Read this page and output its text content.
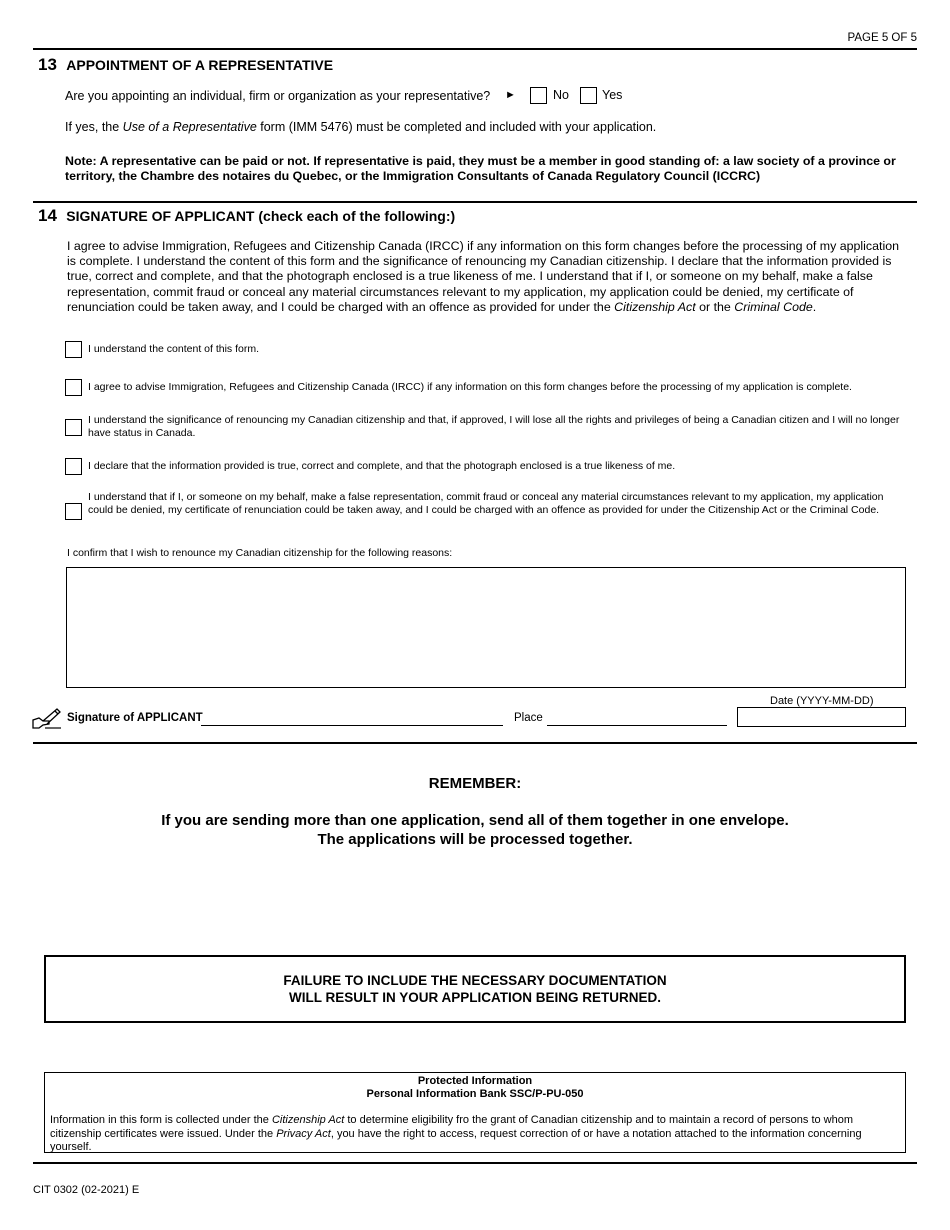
PAGE 5 OF 5
13 APPOINTMENT OF A REPRESENTATIVE
Are you appointing an individual, firm or organization as your representative? ►	No	Yes
If yes, the Use of a Representative form (IMM 5476) must be completed and included with your application.
Note: A representative can be paid or not. If representative is paid, they must be a member in good standing of: a law society of a province or territory, the Chambre des notaires du Quebec, or the Immigration Consultants of Canada Regulatory Council (ICCRC)
14 SIGNATURE OF APPLICANT (check each of the following:)
I agree to advise Immigration, Refugees and Citizenship Canada (IRCC) if any information on this form changes before the processing of my application is complete. I understand the content of this form and the significance of renouncing my Canadian citizenship. I declare that the information provided is true, correct and complete, and that the photograph enclosed is a true likeness of me. I understand that if I, or someone on my behalf, make a false representation, commit fraud or conceal any material circumstances relevant to my application, my application could be denied, my certificate of renunciation could be taken away, and I could be charged with an offence as provided for under the Citizenship Act or the Criminal Code.
I understand the content of this form.
I agree to advise Immigration, Refugees and Citizenship Canada (IRCC) if any information on this form changes before the processing of my application is complete.
I understand the significance of renouncing my Canadian citizenship and that, if approved, I will lose all the rights and privileges of being a Canadian citizen and I will no longer have status in Canada.
I declare that the information provided is true, correct and complete, and that the photograph enclosed is a true likeness of me.
I understand that if I, or someone on my behalf, make a false representation, commit fraud or conceal any material circumstances relevant to my application, my application could be denied, my certificate of renunciation could be taken away, and I could be charged with an offence as provided for under the Citizenship Act or the Criminal Code.
I confirm that I wish to renounce my Canadian citizenship for the following reasons:
Date (YYYY-MM-DD)
Signature of APPLICANT	Place
REMEMBER:
If you are sending more than one application, send all of them together in one envelope.
The applications will be processed together.
FAILURE TO INCLUDE THE NECESSARY DOCUMENTATION
WILL RESULT IN YOUR APPLICATION BEING RETURNED.
Protected Information
Personal Information Bank SSC/P-PU-050
Information in this form is collected under the Citizenship Act to determine eligibility fro the grant of Canadian citizenship and to maintain a record of persons to whom citizenship certificates were issued. Under the Privacy Act, you have the right to access, request correction of or have a notation attached to the information concerning yourself.
CIT 0302 (02-2021) E
